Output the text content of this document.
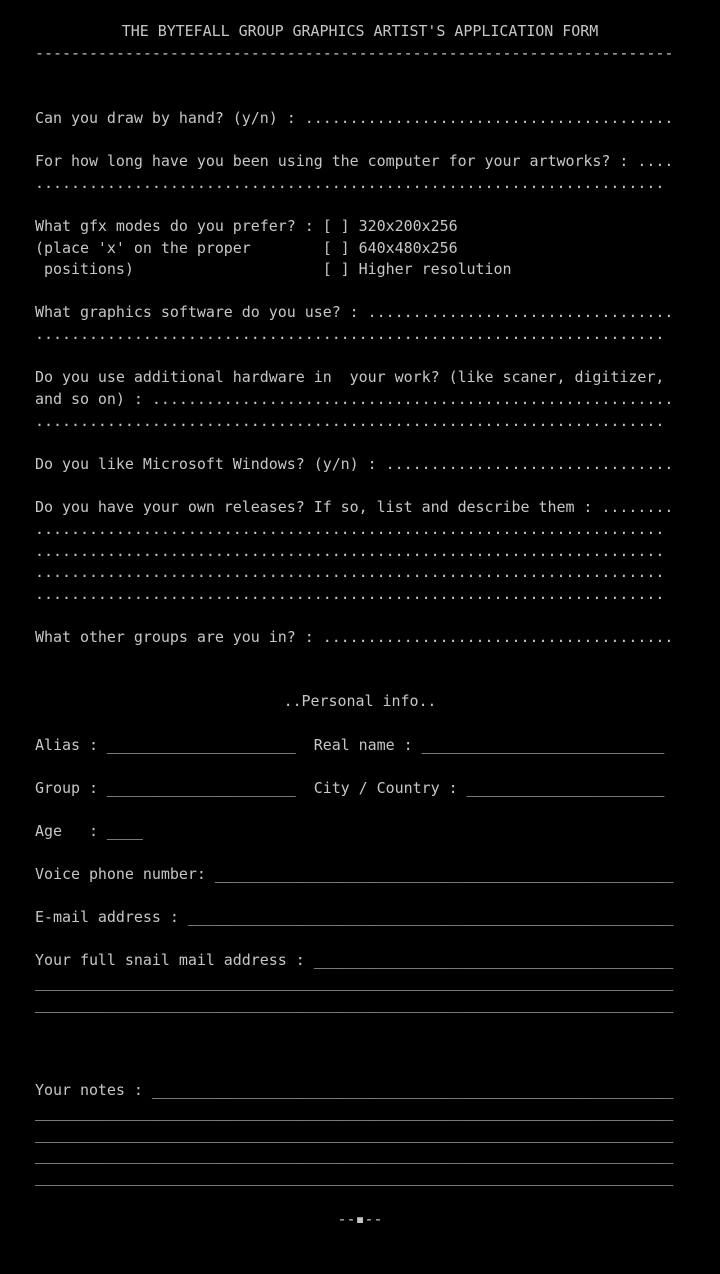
THE BYTEFALL GROUP GRAPHICS ARTIST'S APPLICATION FORM
-----------------------------------------------------------------------
Can you draw by hand? (y/n) : .........................................
For how long have you been using the computer for your artworks? : ....
......................................................................
What gfx modes do you prefer? : [ ] 320x200x256
(place 'x' on the proper        [ ] 640x480x256
positions)                     [ ] Higher resolution
What graphics software do you use? : ..................................
......................................................................
Do you use additional hardware in  your work? (like scaner, digitizer,
and so on) : ..........................................................
......................................................................
Do you like Microsoft Windows? (y/n) : ................................
Do you have your own releases? If so, list and describe them : ........
......................................................................
......................................................................
......................................................................
......................................................................
What other groups are you in? : .......................................
..Personal info..
Alias : _____________________  Real name : ___________________________
Group : _____________________  City / Country : ______________________
Age   : ____
Voice phone number: ___________________________________________________
E-mail address : ______________________________________________________
Your full snail mail address : ________________________________________
_______________________________________________________________________
_______________________________________________________________________
Your notes : __________________________________________________________
_______________________________________________________________________
_______________________________________________________________________
_______________________________________________________________________
_______________________________________________________________________
--▪--
